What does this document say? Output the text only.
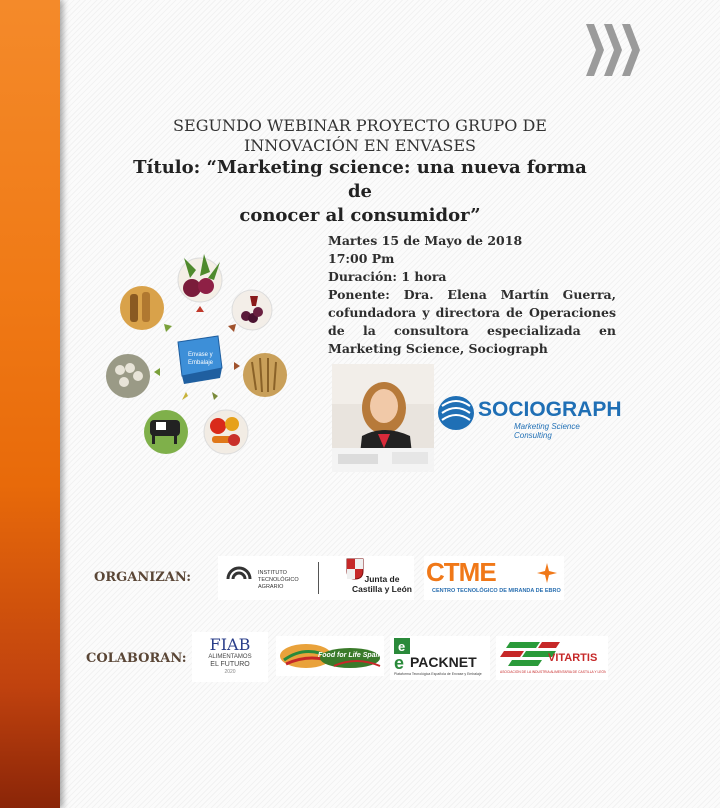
SEGUNDO WEBINAR PROYECTO GRUPO DE
INNOVACIÓN EN ENVASES
Título: “Marketing science: una nueva forma de
conocer al consumidor”
Martes 15 de Mayo de 2018
17:00 Pm
Duración: 1 hora
Ponente: Dra. Elena Martín Guerra, cofundadora y directora de Operaciones de la consultora especializada en Marketing Science, Sociograph
Envase y
Embalaje
SOCIOGRAPH
Marketing Science Consulting
ORGANIZAN:	INSTITUTO
TECNOLÓGICO
AGRARIO
Junta de
Castilla y León
CTME
CENTRO TECNOLÓGICO DE MIRANDA DE EBRO
COLABORAN:
FIAB
ALIMENTAMOS
EL FUTURO
2020
Food for Life Spain
e
e PACKNET
Plataforma Tecnológica Española de Envase y Embalaje
VITARTIS
ASOCIACIÓN DE LA INDUSTRIA ALIMENTARIA DE CASTILLA Y LEÓN
